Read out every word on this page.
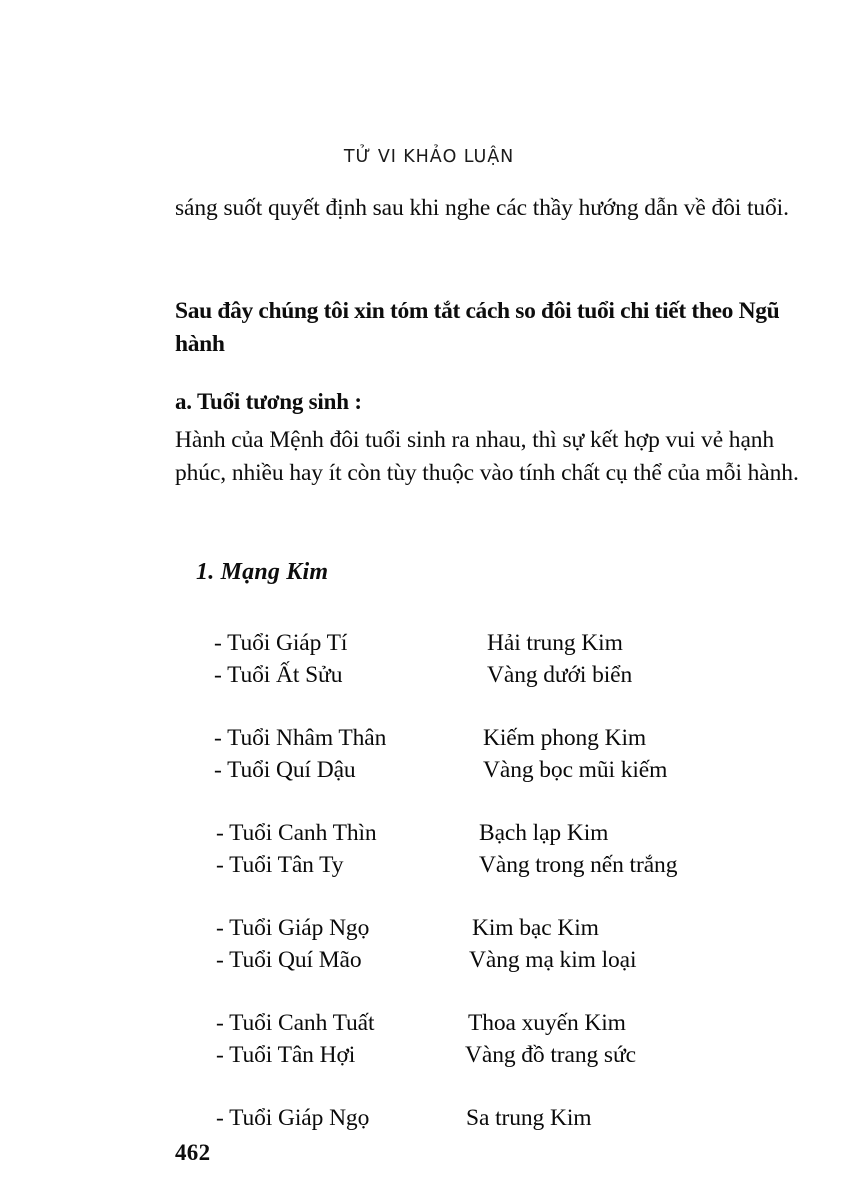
TỬ VI KHẢO LUẬN
sáng suốt quyết định sau khi nghe các thầy hướng dẫn về đôi tuổi.
Sau đây chúng tôi xin tóm tắt cách so đôi tuổi chi tiết theo Ngũ hành
a. Tuổi tương sinh :
Hành của Mệnh đôi tuổi sinh ra nhau, thì sự kết hợp vui vẻ hạnh phúc, nhiều hay ít còn tùy thuộc vào tính chất cụ thể của mỗi hành.
1. Mạng Kim
- Tuổi Giáp Tí	Hải trung Kim
- Tuổi Ất Sửu	Vàng dưới biển
- Tuổi Nhâm Thân	Kiếm phong Kim
- Tuổi Quí Dậu	Vàng bọc mũi kiếm
- Tuổi Canh Thìn	Bạch lạp Kim
- Tuổi Tân Ty	Vàng trong nến trắng
- Tuổi Giáp Ngọ	Kim bạc Kim
- Tuổi Quí Mão	Vàng mạ kim loại
- Tuổi Canh Tuất	Thoa xuyến Kim
- Tuổi Tân Hợi	Vàng đồ trang sức
- Tuổi Giáp Ngọ	Sa trung Kim
462
